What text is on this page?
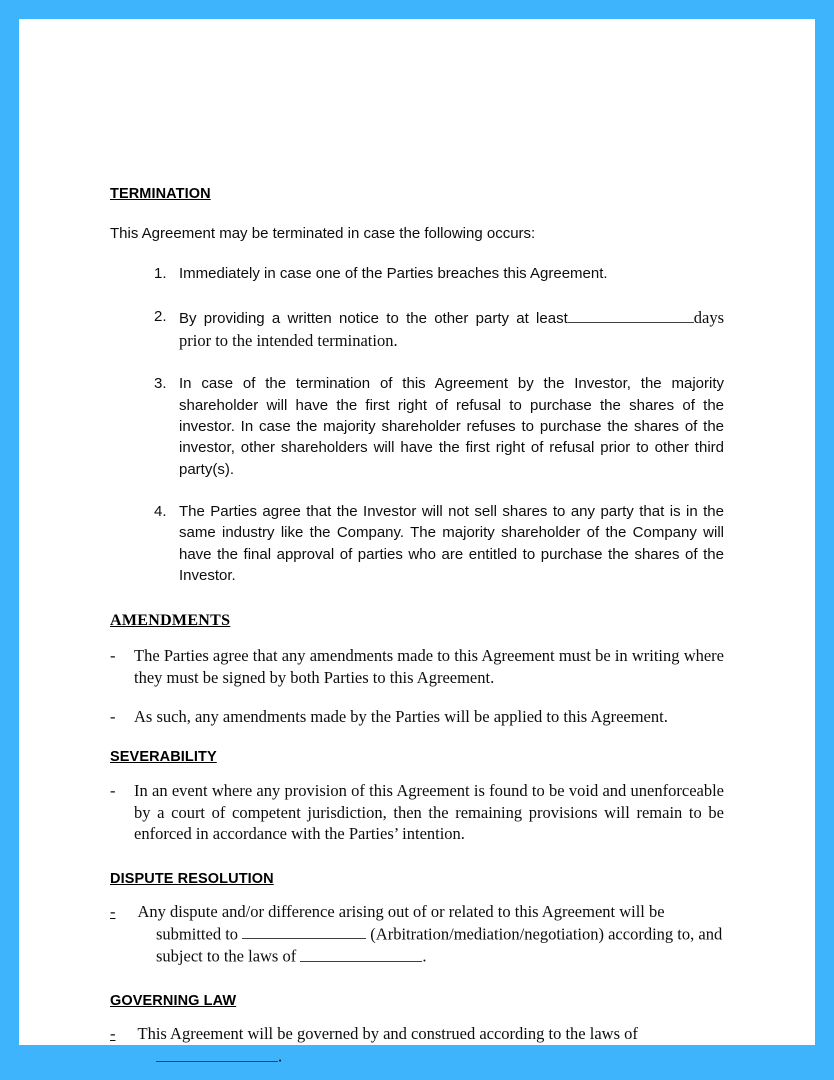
TERMINATION
This Agreement may be terminated in case the following occurs:
1. Immediately in case one of the Parties breaches this Agreement.
2. By providing a written notice to the other party at least	days prior to the intended termination.
3. In case of the termination of this Agreement by the Investor, the majority shareholder will have the first right of refusal to purchase the shares of the investor. In case the majority shareholder refuses to purchase the shares of the investor, other shareholders will have the first right of refusal prior to other third party(s).
4. The Parties agree that the Investor will not sell shares to any party that is in the same industry like the Company. The majority shareholder of the Company will have the final approval of parties who are entitled to purchase the shares of the Investor.
AMENDMENTS
-	The Parties agree that any amendments made to this Agreement must be in writing where they must be signed by both Parties to this Agreement.
-	As such, any amendments made by the Parties will be applied to this Agreement.
SEVERABILITY
-	In an event where any provision of this Agreement is found to be void and unenforceable by a court of competent jurisdiction, then the remaining provisions will remain to be enforced in accordance with the Parties’ intention.
DISPUTE RESOLUTION
- Any dispute and/or difference arising out of or related to this Agreement will be submitted to	(Arbitration/mediation/negotiation) according to, and subject to the laws of	.
GOVERNING LAW
- This Agreement will be governed by and construed according to the laws of .
